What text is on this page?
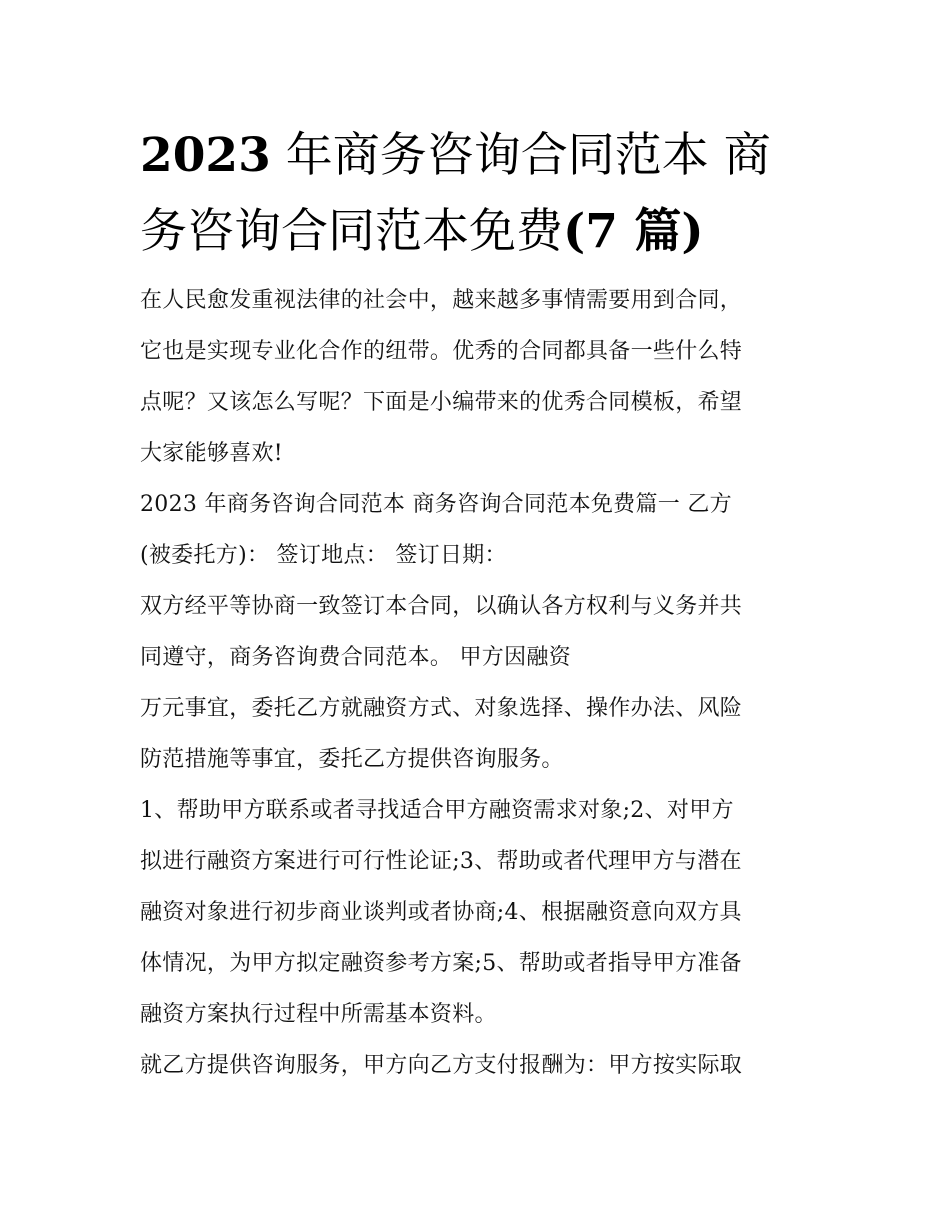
2023 年商务咨询合同范本 商
务咨询合同范本免费(7 篇)
在人民愈发重视法律的社会中，越来越多事情需要用到合同，
它也是实现专业化合作的纽带。优秀的合同都具备一些什么特
点呢？又该怎么写呢？下面是小编带来的优秀合同模板，希望
大家能够喜欢!
2023 年商务咨询合同范本 商务咨询合同范本免费篇一 乙方
(被委托方)： 签订地点： 签订日期：
双方经平等协商一致签订本合同，以确认各方权利与义务并共
同遵守，商务咨询费合同范本。 甲方因融资
万元事宜，委托乙方就融资方式、对象选择、操作办法、风险
防范措施等事宜，委托乙方提供咨询服务。
1、帮助甲方联系或者寻找适合甲方融资需求对象;2、对甲方
拟进行融资方案进行可行性论证;3、帮助或者代理甲方与潜在
融资对象进行初步商业谈判或者协商;4、根据融资意向双方具
体情况，为甲方拟定融资参考方案;5、帮助或者指导甲方准备
融资方案执行过程中所需基本资料。
就乙方提供咨询服务，甲方向乙方支付报酬为：甲方按实际取
